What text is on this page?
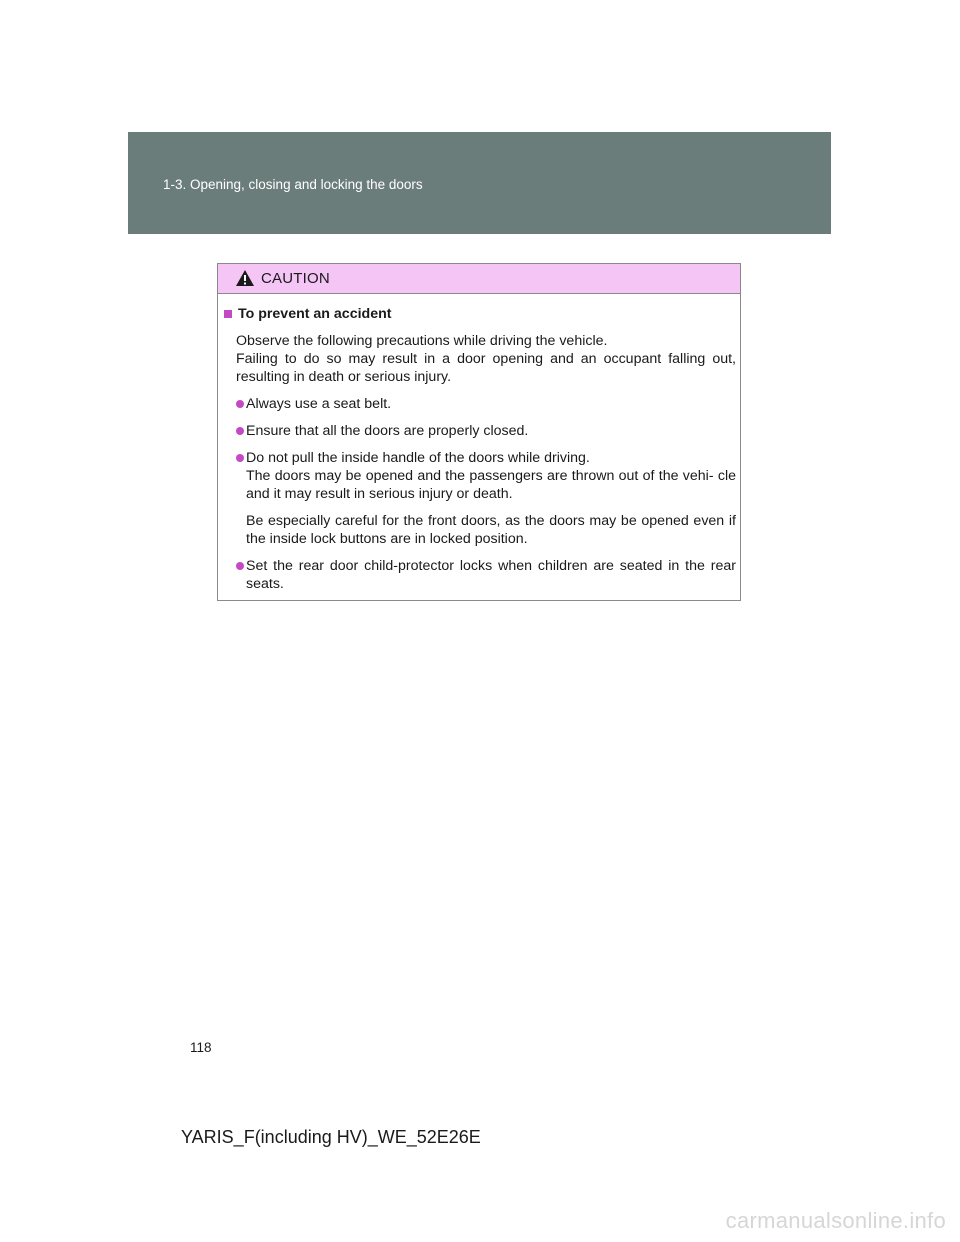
1-3. Opening, closing and locking the doors
CAUTION
To prevent an accident
Observe the following precautions while driving the vehicle.
Failing to do so may result in a door opening and an occupant falling out, resulting in death or serious injury.
Always use a seat belt.
Ensure that all the doors are properly closed.
Do not pull the inside handle of the doors while driving.
The doors may be opened and the passengers are thrown out of the vehi- cle and it may result in serious injury or death.
Be especially careful for the front doors, as the doors may be opened even if the inside lock buttons are in locked position.
Set the rear door child-protector locks when children are seated in the rear seats.
118
YARIS_F(including HV)_WE_52E26E
carmanualsonline.info
